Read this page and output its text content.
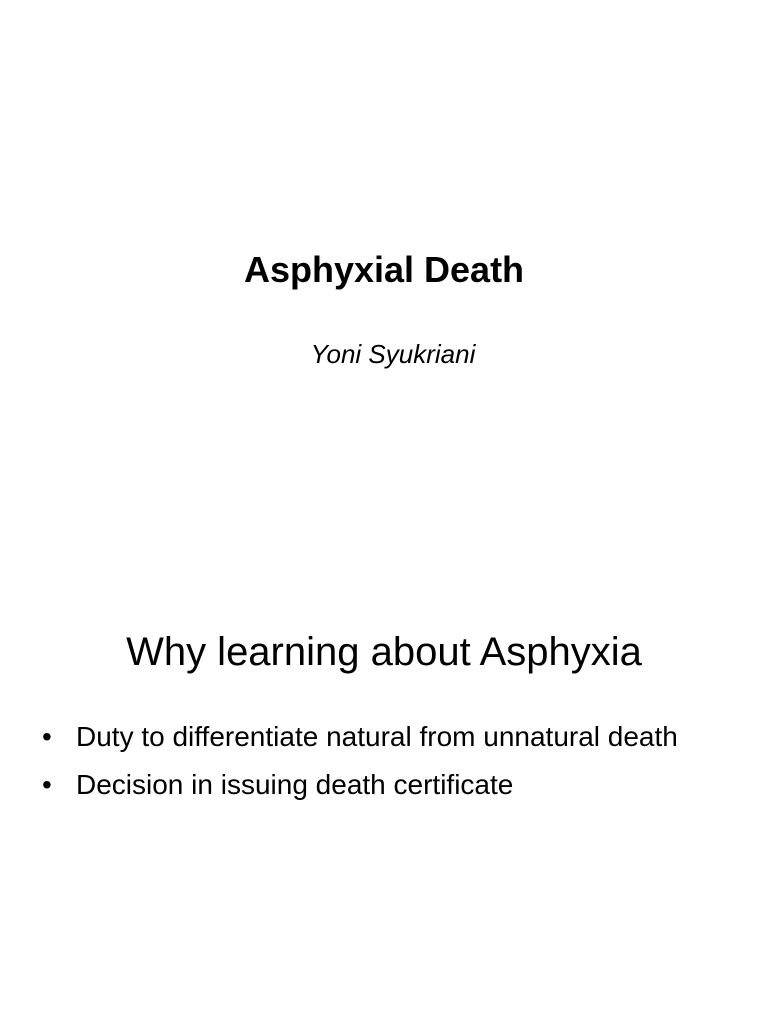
Asphyxial Death
Yoni Syukriani
Why learning about Asphyxia
• Duty to differentiate natural from unnatural death
• Decision in issuing death certificate
